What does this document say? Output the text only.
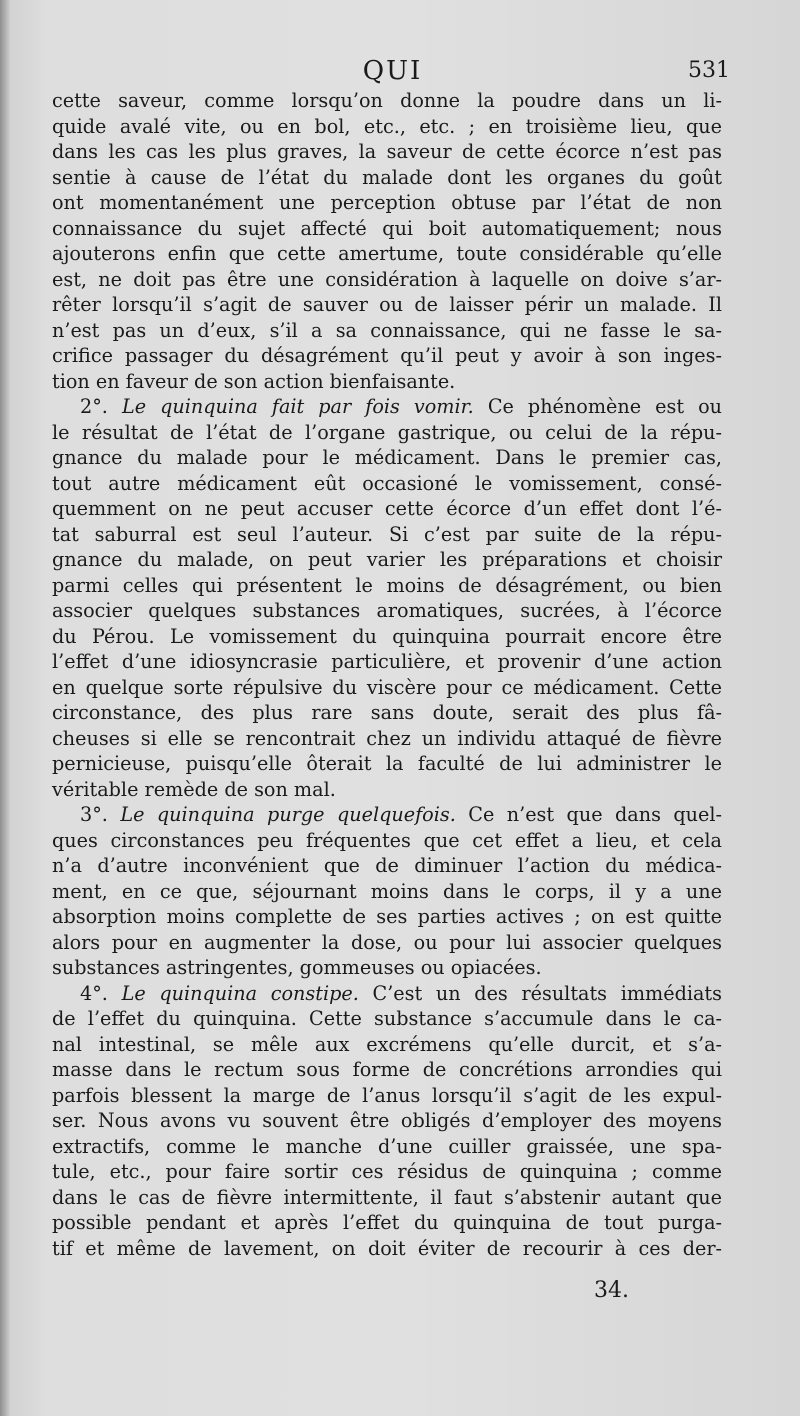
QUI	531
cette saveur, comme lorsqu’on donne la poudre dans un li-
quide avalé vite, ou en bol, etc., etc. ; en troisième lieu, que
dans les cas les plus graves, la saveur de cette écorce n’est pas
sentie à cause de l’état du malade dont les organes du goût
ont momentanément une perception obtuse par l’état de non
connaissance du sujet affecté qui boit automatiquement; nous
ajouterons enfin que cette amertume, toute considérable qu’elle
est, ne doit pas être une considération à laquelle on doive s’ar-
rêter lorsqu’il s’agit de sauver ou de laisser périr un malade. Il
n’est pas un d’eux, s’il a sa connaissance, qui ne fasse le sa-
crifice passager du désagrément qu’il peut y avoir à son inges-
tion en faveur de son action bienfaisante.
2°. Le quinquina fait par fois vomir. Ce phénomène est ou
le résultat de l’état de l’organe gastrique, ou celui de la répu-
gnance du malade pour le médicament. Dans le premier cas,
tout autre médicament eût occasioné le vomissement, consé-
quemment on ne peut accuser cette écorce d’un effet dont l’é-
tat saburral est seul l’auteur. Si c’est par suite de la répu-
gnance du malade, on peut varier les préparations et choisir
parmi celles qui présentent le moins de désagrément, ou bien
associer quelques substances aromatiques, sucrées, à l’écorce
du Pérou. Le vomissement du quinquina pourrait encore être
l’effet d’une idiosyncrasie particulière, et provenir d’une action
en quelque sorte répulsive du viscère pour ce médicament. Cette
circonstance, des plus rare sans doute, serait des plus fâ-
cheuses si elle se rencontrait chez un individu attaqué de fièvre
pernicieuse, puisqu’elle ôterait la faculté de lui administrer le
véritable remède de son mal.
3°. Le quinquina purge quelquefois. Ce n’est que dans quel-
ques circonstances peu fréquentes que cet effet a lieu, et cela
n’a d’autre inconvénient que de diminuer l’action du médica-
ment, en ce que, séjournant moins dans le corps, il y a une
absorption moins complette de ses parties actives ; on est quitte
alors pour en augmenter la dose, ou pour lui associer quelques
substances astringentes, gommeuses ou opiacées.
4°. Le quinquina constipe. C’est un des résultats immédiats
de l’effet du quinquina. Cette substance s’accumule dans le ca-
nal intestinal, se mêle aux excrémens qu’elle durcit, et s’a-
masse dans le rectum sous forme de concrétions arrondies qui
parfois blessent la marge de l’anus lorsqu’il s’agit de les expul-
ser. Nous avons vu souvent être obligés d’employer des moyens
extractifs, comme le manche d’une cuiller graissée, une spa-
tule, etc., pour faire sortir ces résidus de quinquina ; comme
dans le cas de fièvre intermittente, il faut s’abstenir autant que
possible pendant et après l’effet du quinquina de tout purga-
tif et même de lavement, on doit éviter de recourir à ces der-
34.
